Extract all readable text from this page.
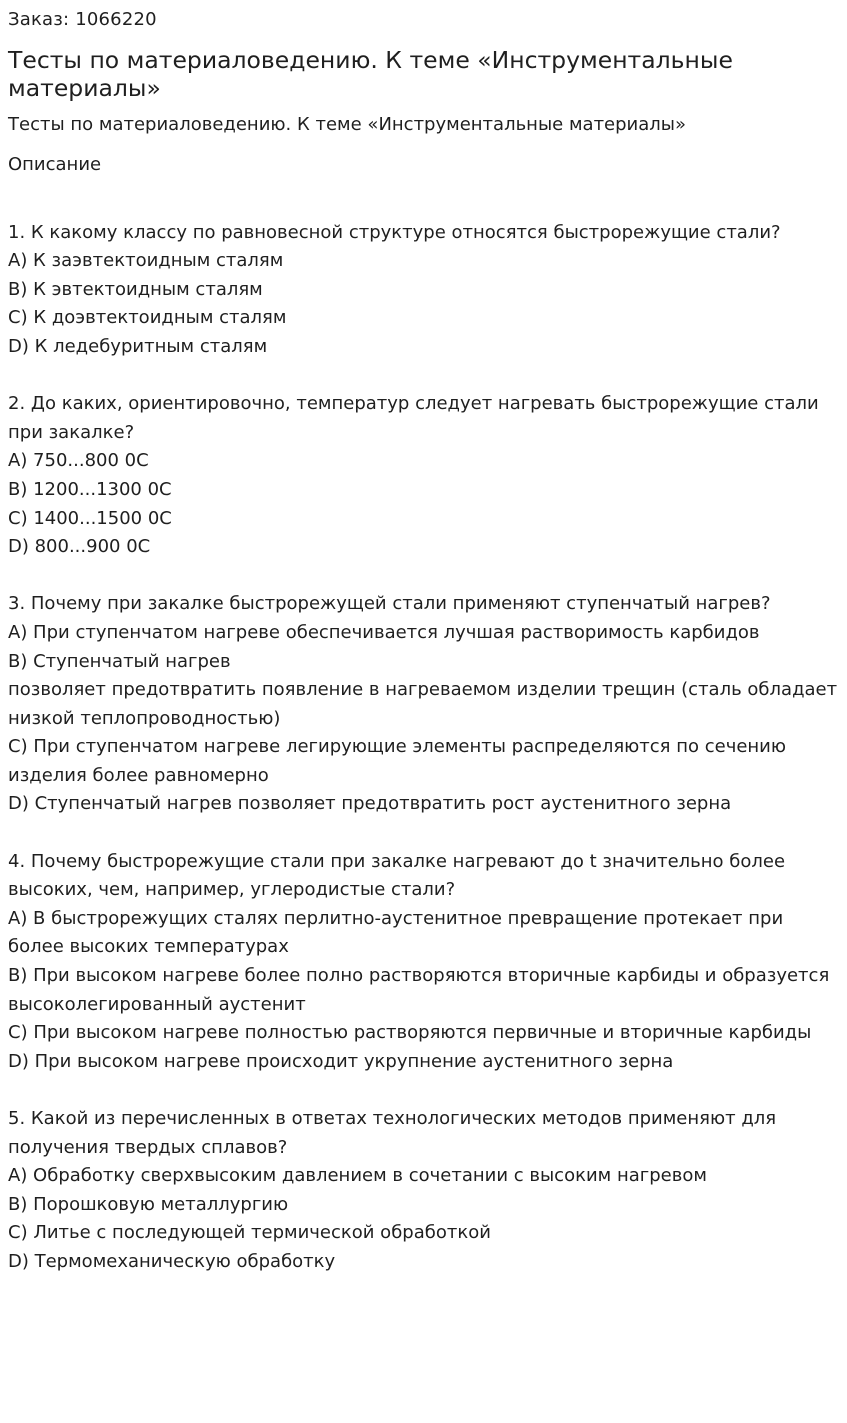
Заказ: 1066220
Тесты по материаловедению. К теме «Инструментальные материалы»
Тесты по материаловедению. К теме «Инструментальные материалы»
Описание

1. К какому классу по равновесной структуре относятся быстрорежущие стали?

A) К заэвтектоидным сталям

B) К эвтектоидным сталям

C) К доэвтектоидным сталям

D) К ледебуритным сталям

2. До каких, ориентировочно, температур следует нагревать быстрорежущие стали при закалке?

A) 750...800 0C

B) 1200...1300 0C

C) 1400...1500 0C

D) 800...900 0C

3. Почему при закалке быстрорежущей стали применяют ступенчатый нагрев?

A) При ступенчатом нагреве обеспечивается лучшая растворимость карбидов

B) Ступенчатый нагрев

позволяет предотвратить появление в нагреваемом изделии трещин (сталь обладает низкой теплопроводностью)

C) При ступенчатом нагреве легирующие элементы распределяются по сечению изделия более равномерно

D) Ступенчатый нагрев позволяет предотвратить рост аустенитного зерна

4. Почему быстрорежущие стали при закалке нагревают до t значительно более высоких, чем, например, углеродистые стали?

A) В быстрорежущих сталях перлитно-аустенитное превращение протекает при более высоких температурах

B) При высоком нагреве более полно растворяются вторичные карбиды и образуется высоколегированный аустенит

C) При высоком нагреве полностью растворяются первичные и вторичные карбиды

D) При высоком нагреве происходит укрупнение аустенитного зерна

5. Какой из перечисленных в ответах технологических методов применяют для получения твердых сплавов?

A) Обработку сверхвысоким давлением в сочетании с высоким нагревом

B) Порошковую металлургию

C) Литье с последующей термической обработкой

D) Термомеханическую обработку
